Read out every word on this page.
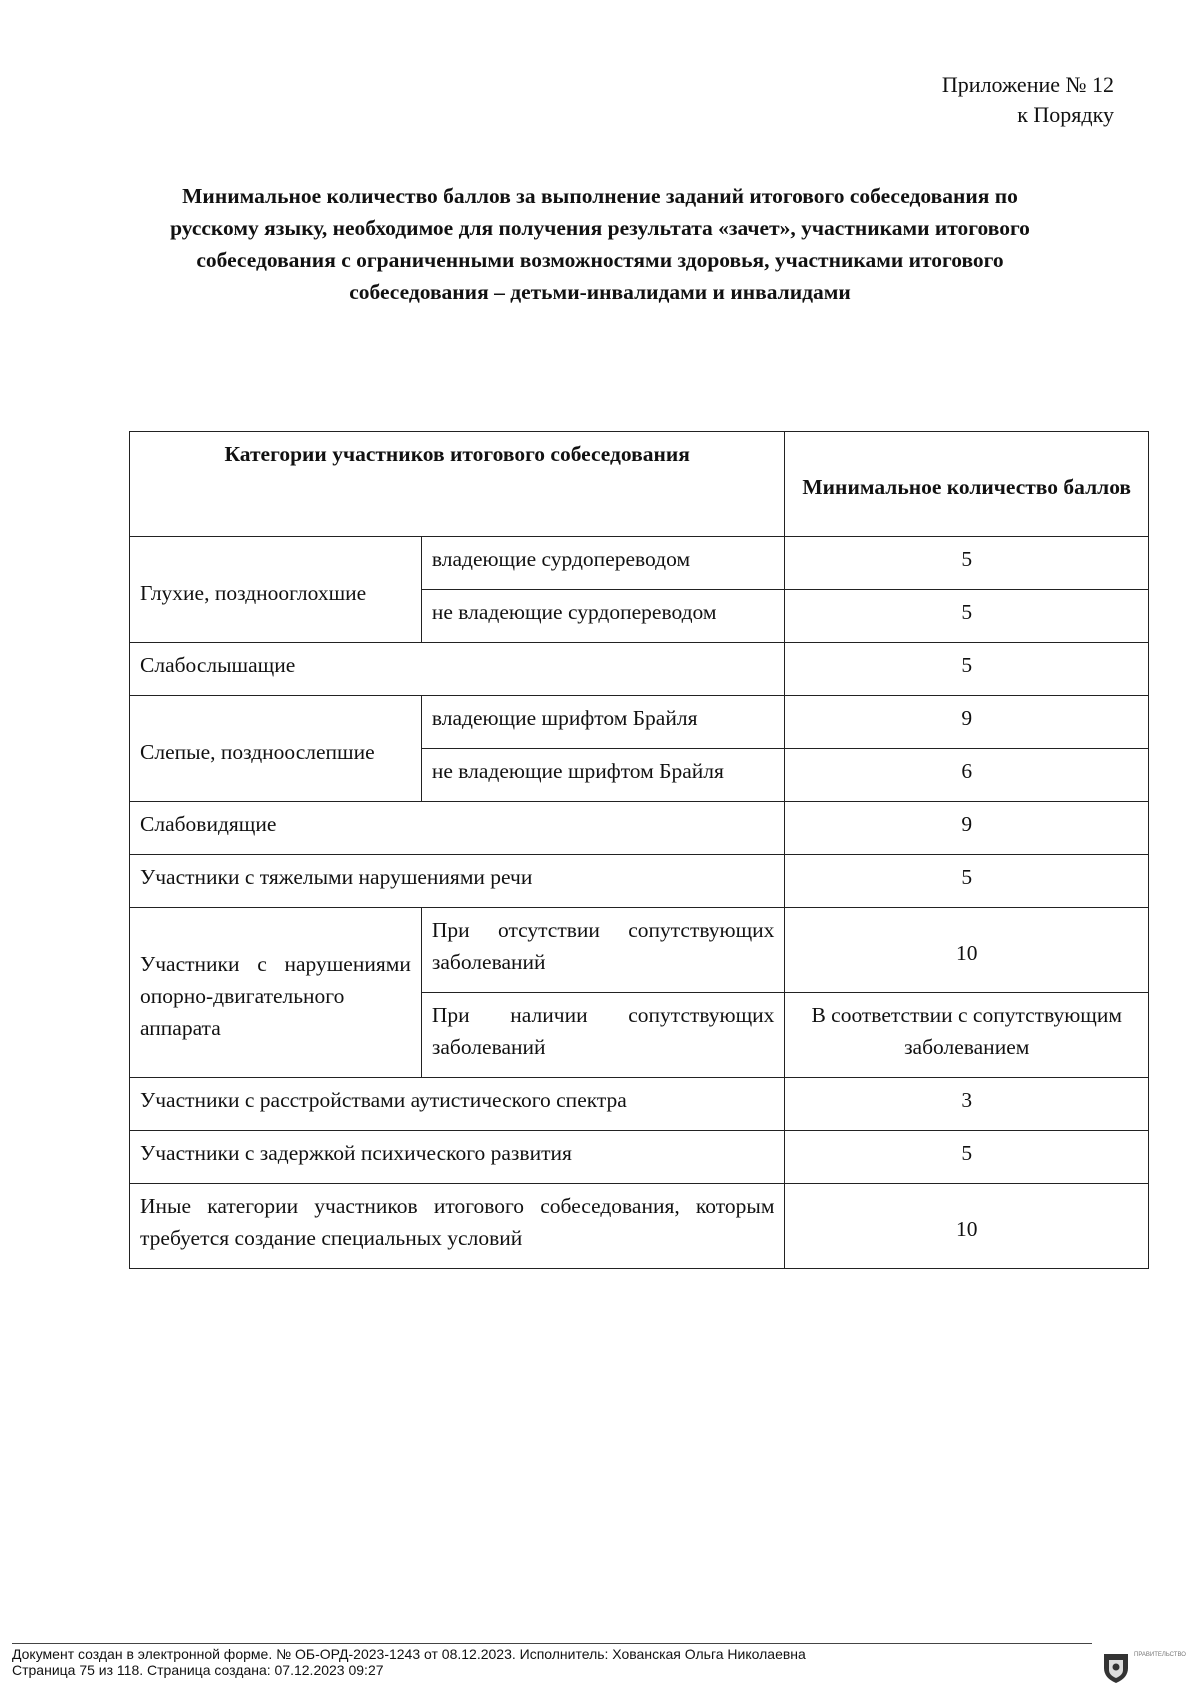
Приложение № 12
к Порядку
Минимальное количество баллов за выполнение заданий итогового собеседования по русскому языку, необходимое для получения результата «зачет», участниками итогового собеседования с ограниченными возможностями здоровья, участниками итогового собеседования – детьми-инвалидами и инвалидами
Категории участников итогового собеседования		Минимальное количество баллов
Глухие, позднооглохшие	владеющие сурдопереводом	5
	не владеющие сурдопереводом	5
Слабослышащие		5
Слепые, поздноослепшие	владеющие шрифтом Брайля	9
	не владеющие шрифтом Брайля	6
Слабовидящие		9
Участники с тяжелыми нарушениями речи		5
Участники с нарушениями опорно-двигательного аппарата	При отсутствии сопутствующих заболеваний	10
	При наличии сопутствующих заболеваний	В соответствии с сопутствующим заболеванием
Участники с расстройствами аутистического спектра		3
Участники с задержкой психического развития		5
Иные категории участников итогового собеседования, которым требуется создание специальных условий		10
Документ создан в электронной форме. № ОБ-ОРД-2023-1243 от 08.12.2023. Исполнитель: Хованская Ольга Николаевна
Страница 75 из 118. Страница создана: 07.12.2023 09:27
ПРАВИТЕЛЬСТВО
